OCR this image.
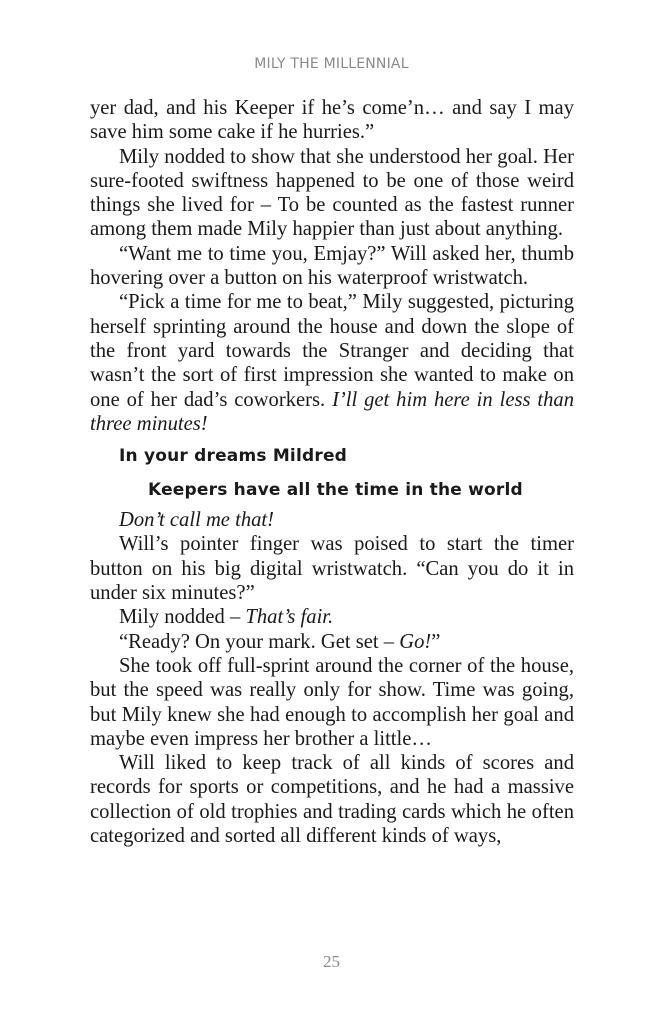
MILY THE MILLENNIAL

yer dad, and his Keeper if he’s come’n… and say I may save him some cake if he hurries.”

Mily nodded to show that she understood her goal. Her sure-footed swiftness happened to be one of those weird things she lived for – To be counted as the fastest runner among them made Mily happier than just about anything.

“Want me to time you, Emjay?” Will asked her, thumb hovering over a button on his waterproof wristwatch.

“Pick a time for me to beat,” Mily suggested, picturing herself sprinting around the house and down the slope of the front yard towards the Stranger and deciding that wasn’t the sort of first impression she wanted to make on one of her dad’s coworkers. I’ll get him here in less than three minutes!

In your dreams Mildred

Keepers have all the time in the world

Don’t call me that!

Will’s pointer finger was poised to start the timer button on his big digital wristwatch. “Can you do it in under six minutes?”

Mily nodded – That’s fair.

“Ready? On your mark. Get set – Go!”

She took off full-sprint around the corner of the house, but the speed was really only for show. Time was going, but Mily knew she had enough to accomplish her goal and maybe even impress her brother a little…

Will liked to keep track of all kinds of scores and records for sports or competitions, and he had a massive collection of old trophies and trading cards which he often categorized and sorted all different kinds of ways,

25
